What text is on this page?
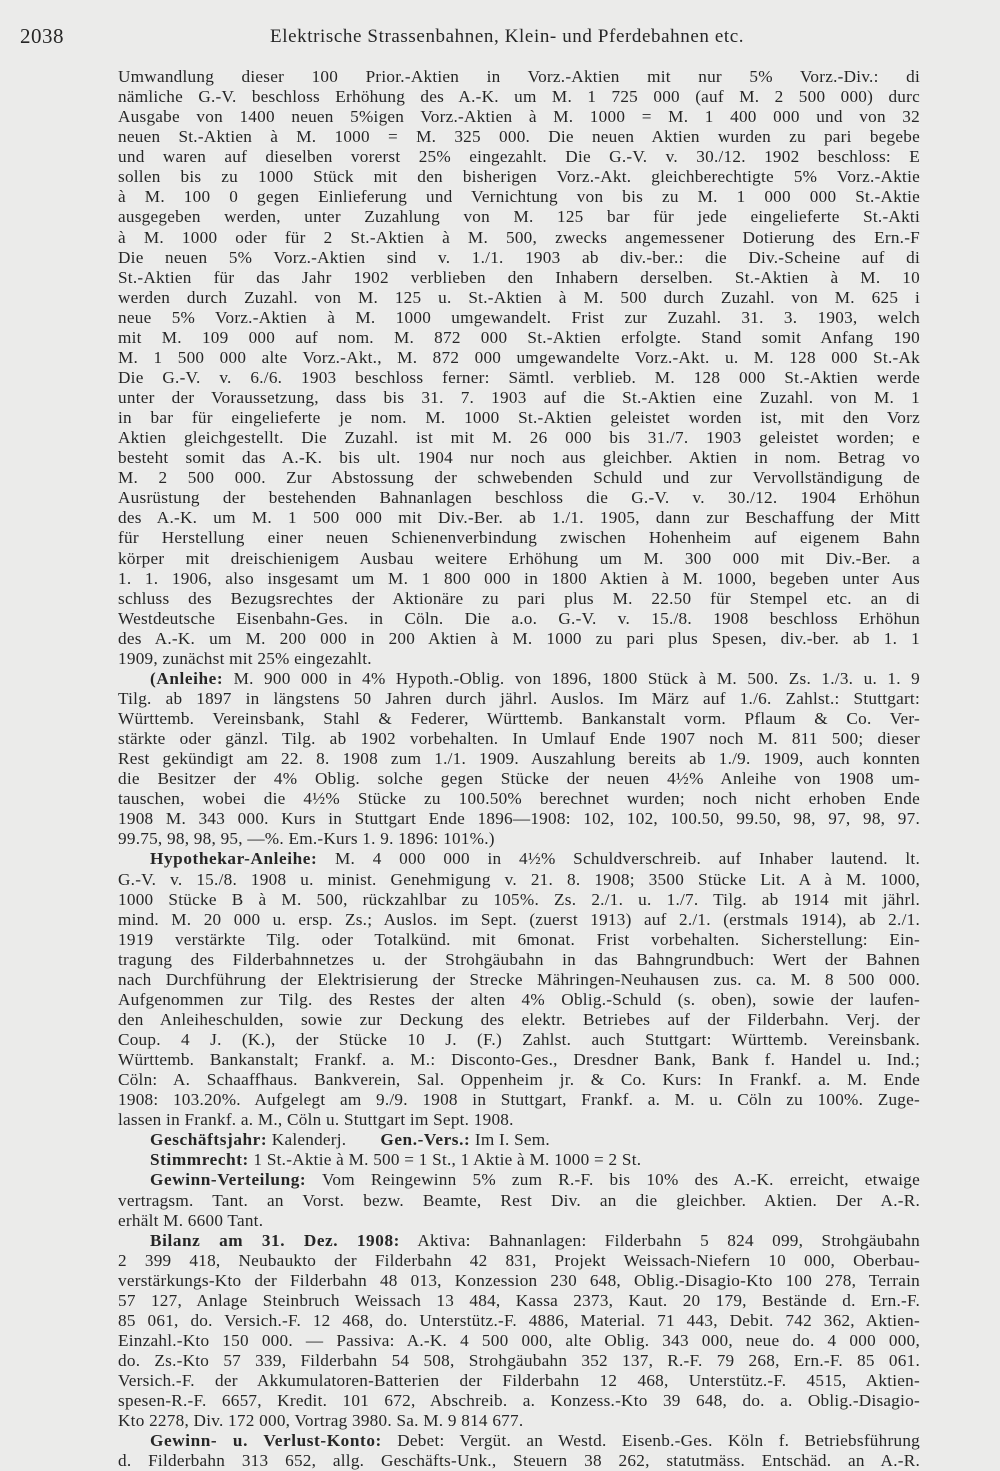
2038	Elektrische Strassenbahnen, Klein- und Pferdebahnen etc.
Umwandlung dieser 100 Prior.-Aktien in Vorz.-Aktien mit nur 5% Vorz.-Div.: di
nämliche G.-V. beschloss Erhöhung des A.-K. um M. 1 725 000 (auf M. 2 500 000) durc
Ausgabe von 1400 neuen 5%igen Vorz.-Aktien à M. 1000 = M. 1 400 000 und von 32
neuen St.-Aktien à M. 1000 = M. 325 000. Die neuen Aktien wurden zu pari begebe
und waren auf dieselben vorerst 25% eingezahlt. Die G.-V. v. 30./12. 1902 beschloss: E
sollen bis zu 1000 Stück mit den bisherigen Vorz.-Akt. gleichberechtigte 5% Vorz.-Aktie
à M. 100 0 gegen Einlieferung und Vernichtung von bis zu M. 1 000 000 St.-Aktie
ausgegeben werden, unter Zuzahlung von M. 125 bar für jede eingelieferte St.-Akti
à M. 1000 oder für 2 St.-Aktien à M. 500, zwecks angemessener Dotierung des Ern.-F
Die neuen 5% Vorz.-Aktien sind v. 1./1. 1903 ab div.-ber.: die Div.-Scheine auf di
St.-Aktien für das Jahr 1902 verblieben den Inhabern derselben. St.-Aktien à M. 10
werden durch Zuzahl. von M. 125 u. St.-Aktien à M. 500 durch Zuzahl. von M. 625 i
neue 5% Vorz.-Aktien à M. 1000 umgewandelt. Frist zur Zuzahl. 31. 3. 1903, welch
mit M. 109 000 auf nom. M. 872 000 St.-Aktien erfolgte. Stand somit Anfang 190
M. 1 500 000 alte Vorz.-Akt., M. 872 000 umgewandelte Vorz.-Akt. u. M. 128 000 St.-Ak
Die G.-V. v. 6./6. 1903 beschloss ferner: Sämtl. verblieb. M. 128 000 St.-Aktien werde
unter der Voraussetzung, dass bis 31. 7. 1903 auf die St.-Aktien eine Zuzahl. von M. 1
in bar für eingelieferte je nom. M. 1000 St.-Aktien geleistet worden ist, mit den Vorz
Aktien gleichgestellt. Die Zuzahl. ist mit M. 26 000 bis 31./7. 1903 geleistet worden; e
besteht somit das A.-K. bis ult. 1904 nur noch aus gleichber. Aktien in nom. Betrag vo
M. 2 500 000. Zur Abstossung der schwebenden Schuld und zur Vervollständigung de
Ausrüstung der bestehenden Bahnanlagen beschloss die G.-V. v. 30./12. 1904 Erhöhun
des A.-K. um M. 1 500 000 mit Div.-Ber. ab 1./1. 1905, dann zur Beschaffung der Mitt
für Herstellung einer neuen Schienenverbindung zwischen Hohenheim auf eigenem Bahn
körper mit dreischienigem Ausbau weitere Erhöhung um M. 300 000 mit Div.-Ber. a
1. 1. 1906, also insgesamt um M. 1 800 000 in 1800 Aktien à M. 1000, begeben unter Aus
schluss des Bezugsrechtes der Aktionäre zu pari plus M. 22.50 für Stempel etc. an di
Westdeutsche Eisenbahn-Ges. in Cöln. Die a.o. G.-V. v. 15./8. 1908 beschloss Erhöhun
des A.-K. um M. 200 000 in 200 Aktien à M. 1000 zu pari plus Spesen, div.-ber. ab 1. 1
1909, zunächst mit 25% eingezahlt.
(Anleihe: M. 900 000 in 4% Hypoth.-Oblig. von 1896, 1800 Stück à M. 500. Zs. 1./3. u. 1. 9
Tilg. ab 1897 in längstens 50 Jahren durch jährl. Auslos. Im März auf 1./6. Zahlst.: Stuttgart:
Württemb. Vereinsbank, Stahl & Federer, Württemb. Bankanstalt vorm. Pflaum & Co. Ver-
stärkte oder gänzl. Tilg. ab 1902 vorbehalten. In Umlauf Ende 1907 noch M. 811 500; dieser
Rest gekündigt am 22. 8. 1908 zum 1./1. 1909. Auszahlung bereits ab 1./9. 1909, auch konnten
die Besitzer der 4% Oblig. solche gegen Stücke der neuen 4½% Anleihe von 1908 um-
tauschen, wobei die 4½% Stücke zu 100.50% berechnet wurden; noch nicht erhoben Ende
1908 M. 343 000. Kurs in Stuttgart Ende 1896—1908: 102, 102, 100.50, 99.50, 98, 97, 98, 97.
99.75, 98, 98, 95, —%. Em.-Kurs 1. 9. 1896: 101%.)
Hypothekar-Anleihe: M. 4 000 000 in 4½% Schuldverschreib. auf Inhaber lautend. lt.
G.-V. v. 15./8. 1908 u. minist. Genehmigung v. 21. 8. 1908; 3500 Stücke Lit. A à M. 1000,
1000 Stücke B à M. 500, rückzahlbar zu 105%. Zs. 2./1. u. 1./7. Tilg. ab 1914 mit jährl.
mind. M. 20 000 u. ersp. Zs.; Auslos. im Sept. (zuerst 1913) auf 2./1. (erstmals 1914), ab 2./1.
1919 verstärkte Tilg. oder Totalkünd. mit 6monat. Frist vorbehalten. Sicherstellung: Ein-
tragung des Filderbahnnetzes u. der Strohgäubahn in das Bahngrundbuch: Wert der Bahnen
nach Durchführung der Elektrisierung der Strecke Mähringen-Neuhausen zus. ca. M. 8 500 000.
Aufgenommen zur Tilg. des Restes der alten 4% Oblig.-Schuld (s. oben), sowie der laufen-
den Anleiheschulden, sowie zur Deckung des elektr. Betriebes auf der Filderbahn. Verj. der
Coup. 4 J. (K.), der Stücke 10 J. (F.) Zahlst. auch Stuttgart: Württemb. Vereinsbank.
Württemb. Bankanstalt; Frankf. a. M.: Disconto-Ges., Dresdner Bank, Bank f. Handel u. Ind.;
Cöln: A. Schaaffhaus. Bankverein, Sal. Oppenheim jr. & Co. Kurs: In Frankf. a. M. Ende
1908: 103.20%. Aufgelegt am 9./9. 1908 in Stuttgart, Frankf. a. M. u. Cöln zu 100%. Zuge-
lassen in Frankf. a. M., Cöln u. Stuttgart im Sept. 1908.
Geschäftsjahr: Kalenderj. Gen.-Vers.: Im I. Sem.
Stimmrecht: 1 St.-Aktie à M. 500 = 1 St., 1 Aktie à M. 1000 = 2 St.
Gewinn-Verteilung: Vom Reingewinn 5% zum R.-F. bis 10% des A.-K. erreicht, etwaige
vertragsm. Tant. an Vorst. bezw. Beamte, Rest Div. an die gleichber. Aktien. Der A.-R.
erhält M. 6600 Tant.
Bilanz am 31. Dez. 1908: Aktiva: Bahnanlagen: Filderbahn 5 824 099, Strohgäubahn
2 399 418, Neubaukto der Filderbahn 42 831, Projekt Weissach-Niefern 10 000, Oberbau-
verstärkungs-Kto der Filderbahn 48 013, Konzession 230 648, Oblig.-Disagio-Kto 100 278, Terrain
57 127, Anlage Steinbruch Weissach 13 484, Kassa 2373, Kaut. 20 179, Bestände d. Ern.-F.
85 061, do. Versich.-F. 12 468, do. Unterstütz.-F. 4886, Material. 71 443, Debit. 742 362, Aktien-
Einzahl.-Kto 150 000. — Passiva: A.-K. 4 500 000, alte Oblig. 343 000, neue do. 4 000 000,
do. Zs.-Kto 57 339, Filderbahn 54 508, Strohgäubahn 352 137, R.-F. 79 268, Ern.-F. 85 061.
Versich.-F. der Akkumulatoren-Batterien der Filderbahn 12 468, Unterstütz.-F. 4515, Aktien-
spesen-R.-F. 6657, Kredit. 101 672, Abschreib. a. Konzess.-Kto 39 648, do. a. Oblig.-Disagio-
Kto 2278, Div. 172 000, Vortrag 3980. Sa. M. 9 814 677.
Gewinn- u. Verlust-Konto: Debet: Vergüt. an Westd. Eisenb.-Ges. Köln f. Betriebsführung
d. Filderbahn 313 652, allg. Geschäfts-Unk., Steuern 38 262, statutmäss. Entschäd. an A.-R.
